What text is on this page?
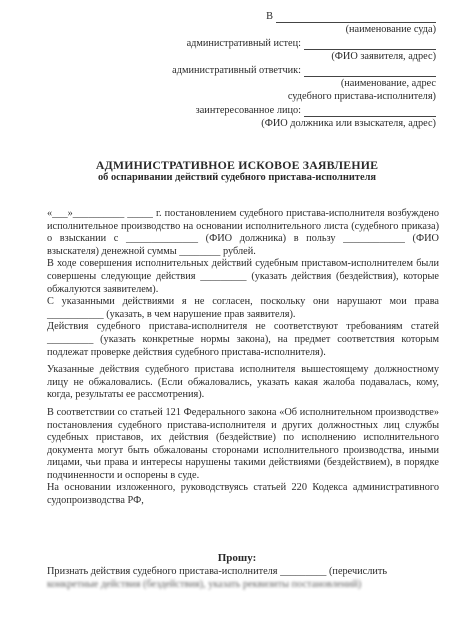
В
(наименование суда)
административный истец:
(ФИО заявителя, адрес)
административный ответчик:
(наименование, адрес
судебного пристава-исполнителя)
заинтересованное лицо:
(ФИО должника или взыскателя, адрес)
АДМИНИСТРАТИВНОЕ ИСКОВОЕ ЗАЯВЛЕНИЕ
об оспаривании действий судебного пристава-исполнителя

«___»__________ _____ г. постановлением судебного пристава-исполнителя возбуждено исполнительное производство на основании исполнительного листа (судебного приказа) о взыскании с ______________ (ФИО должника) в пользу ____________ (ФИО взыскателя) денежной суммы ________ рублей.

В ходе совершения исполнительных действий судебным приставом-исполнителем были совершены следующие действия _________ (указать действия (бездействия), которые обжалуются заявителем).

С указанными действиями я не согласен, поскольку они нарушают мои права ___________ (указать, в чем нарушение прав заявителя).

Действия судебного пристава-исполнителя не соответствуют требованиям статей _________ (указать конкретные нормы закона), на предмет соответствия которым подлежат проверке действия судебного пристава-исполнителя).

Указанные действия судебного пристава исполнителя вышестоящему должностному лицу не обжаловались. (Если обжаловались, указать какая жалоба подавалась, кому, когда, результаты ее рассмотрения).

В соответствии со статьей 121 Федерального закона «Об исполнительном производстве» постановления судебного пристава-исполнителя и других должностных лиц службы судебных приставов, их действия (бездействие) по исполнению исполнительного документа могут быть обжалованы сторонами исполнительного производства, иными лицами, чьи права и интересы нарушены такими действиями (бездействием), в порядке подчиненности и оспорены в суде.

На основании изложенного, руководствуясь статьей 220 Кодекса административного судопроизводства РФ,

Прошу:
Признать действия судебного пристава-исполнителя _________ (перечислить
конкретные действия (бездействия), указать реквизиты постановлений)
